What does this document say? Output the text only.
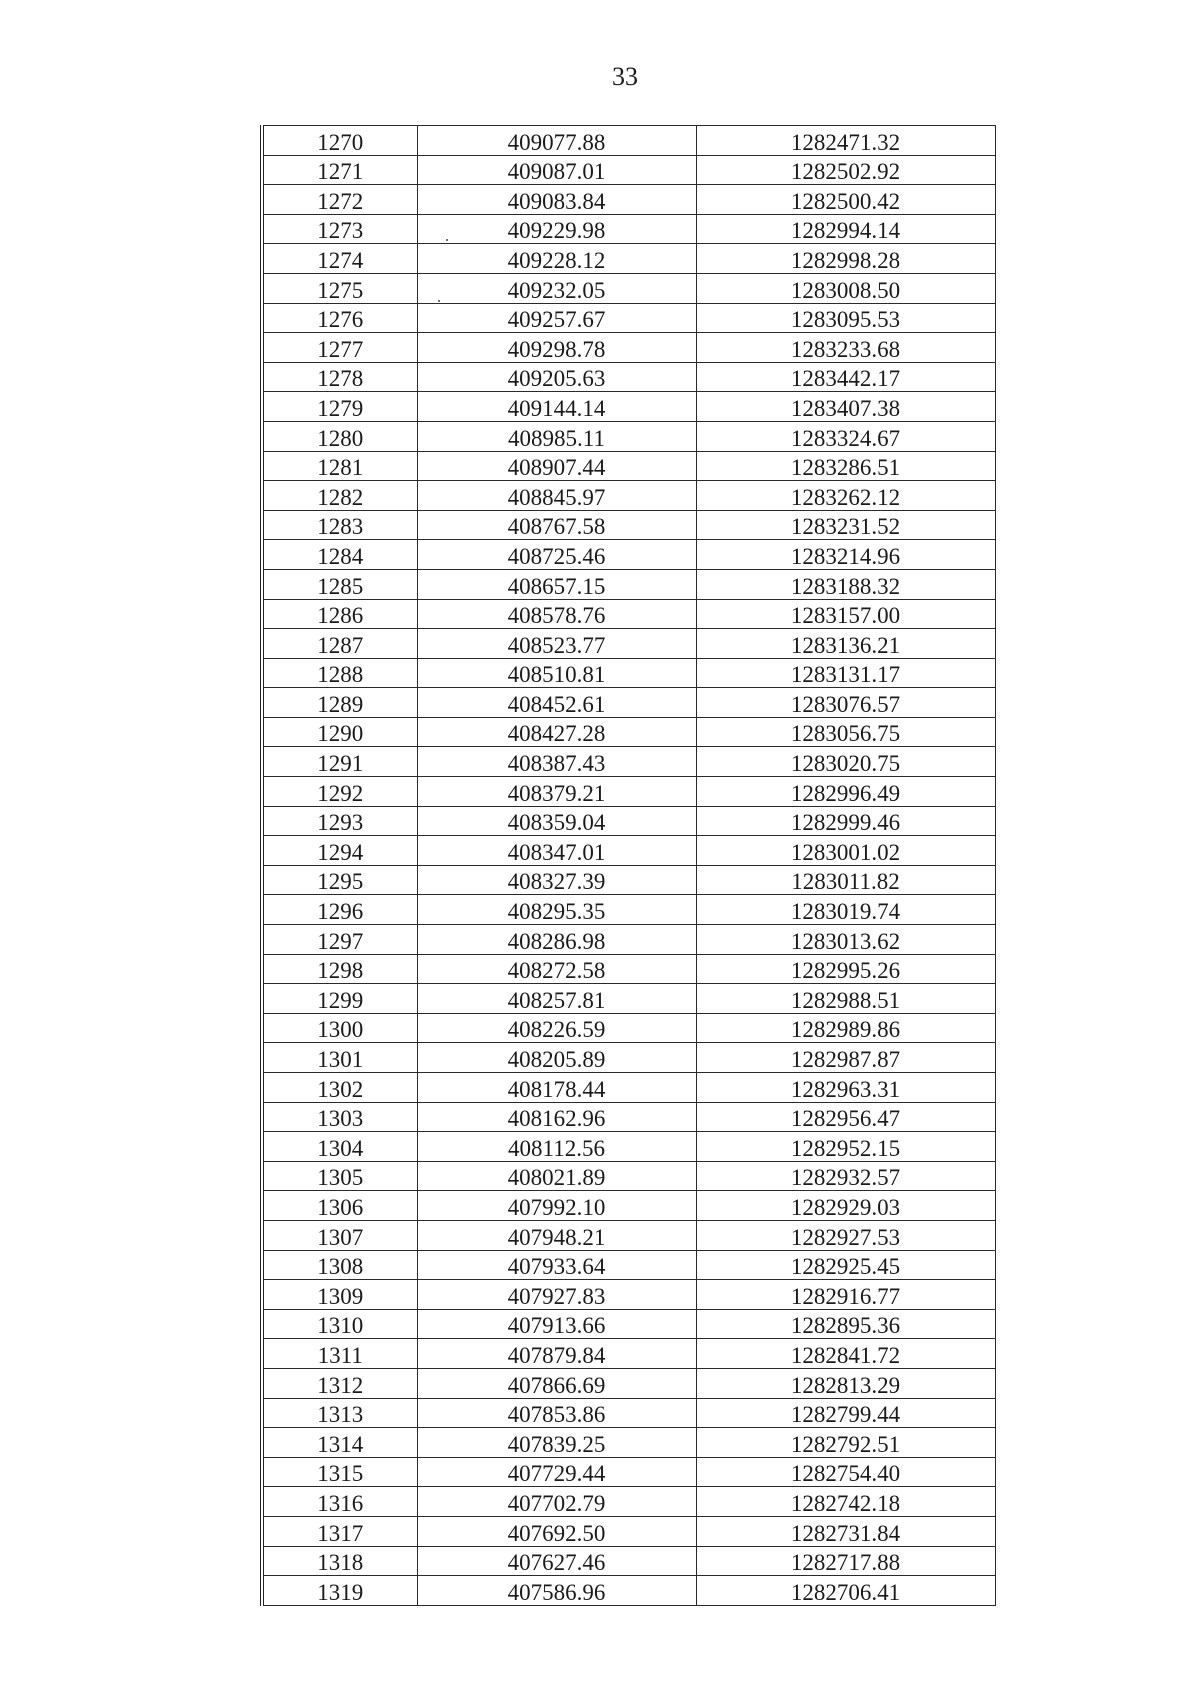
33
1270	409077.88	1282471.32
1271	409087.01	1282502.92
1272	409083.84	1282500.42
1273	409229.98	1282994.14
1274	409228.12	1282998.28
1275	409232.05	1283008.50
1276	409257.67	1283095.53
1277	409298.78	1283233.68
1278	409205.63	1283442.17
1279	409144.14	1283407.38
1280	408985.11	1283324.67
1281	408907.44	1283286.51
1282	408845.97	1283262.12
1283	408767.58	1283231.52
1284	408725.46	1283214.96
1285	408657.15	1283188.32
1286	408578.76	1283157.00
1287	408523.77	1283136.21
1288	408510.81	1283131.17
1289	408452.61	1283076.57
1290	408427.28	1283056.75
1291	408387.43	1283020.75
1292	408379.21	1282996.49
1293	408359.04	1282999.46
1294	408347.01	1283001.02
1295	408327.39	1283011.82
1296	408295.35	1283019.74
1297	408286.98	1283013.62
1298	408272.58	1282995.26
1299	408257.81	1282988.51
1300	408226.59	1282989.86
1301	408205.89	1282987.87
1302	408178.44	1282963.31
1303	408162.96	1282956.47
1304	408112.56	1282952.15
1305	408021.89	1282932.57
1306	407992.10	1282929.03
1307	407948.21	1282927.53
1308	407933.64	1282925.45
1309	407927.83	1282916.77
1310	407913.66	1282895.36
1311	407879.84	1282841.72
1312	407866.69	1282813.29
1313	407853.86	1282799.44
1314	407839.25	1282792.51
1315	407729.44	1282754.40
1316	407702.79	1282742.18
1317	407692.50	1282731.84
1318	407627.46	1282717.88
1319	407586.96	1282706.41
